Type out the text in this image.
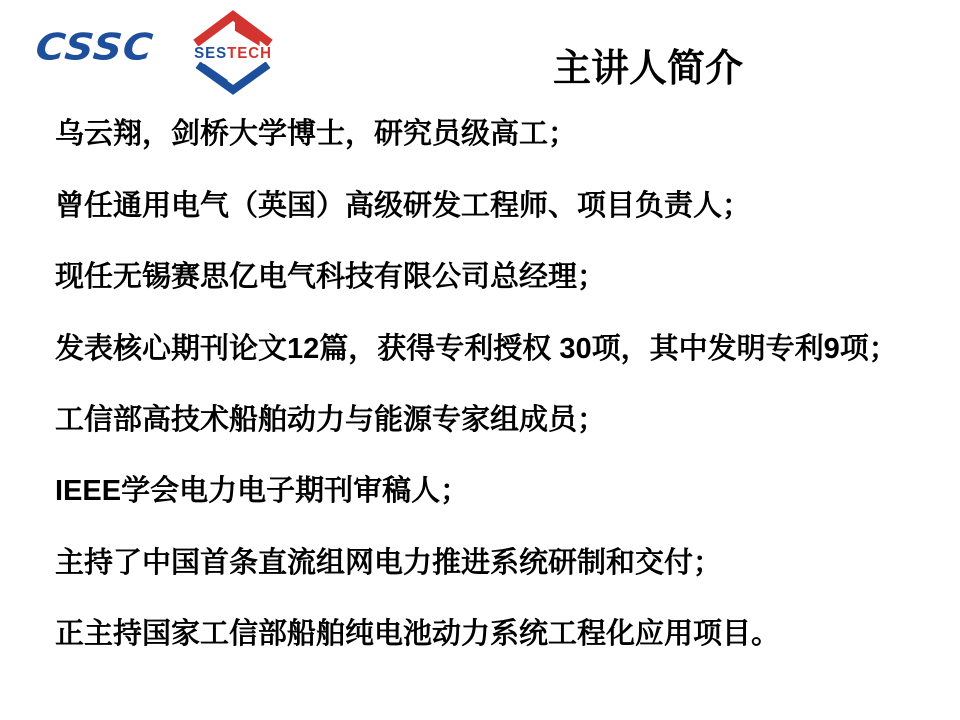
CSSC	SESTECH	主讲人简介

乌云翔，剑桥大学博士，研究员级高工；

曾任通用电气（英国）高级研发工程师、项目负责人；

现任无锡赛思亿电气科技有限公司总经理；

发表核心期刊论文12篇，获得专利授权 30项，其中发明专利9项；

工信部高技术船舶动力与能源专家组成员；

IEEE学会电力电子期刊审稿人；

主持了中国首条直流组网电力推进系统研制和交付；

正主持国家工信部船舶纯电池动力系统工程化应用项目。
